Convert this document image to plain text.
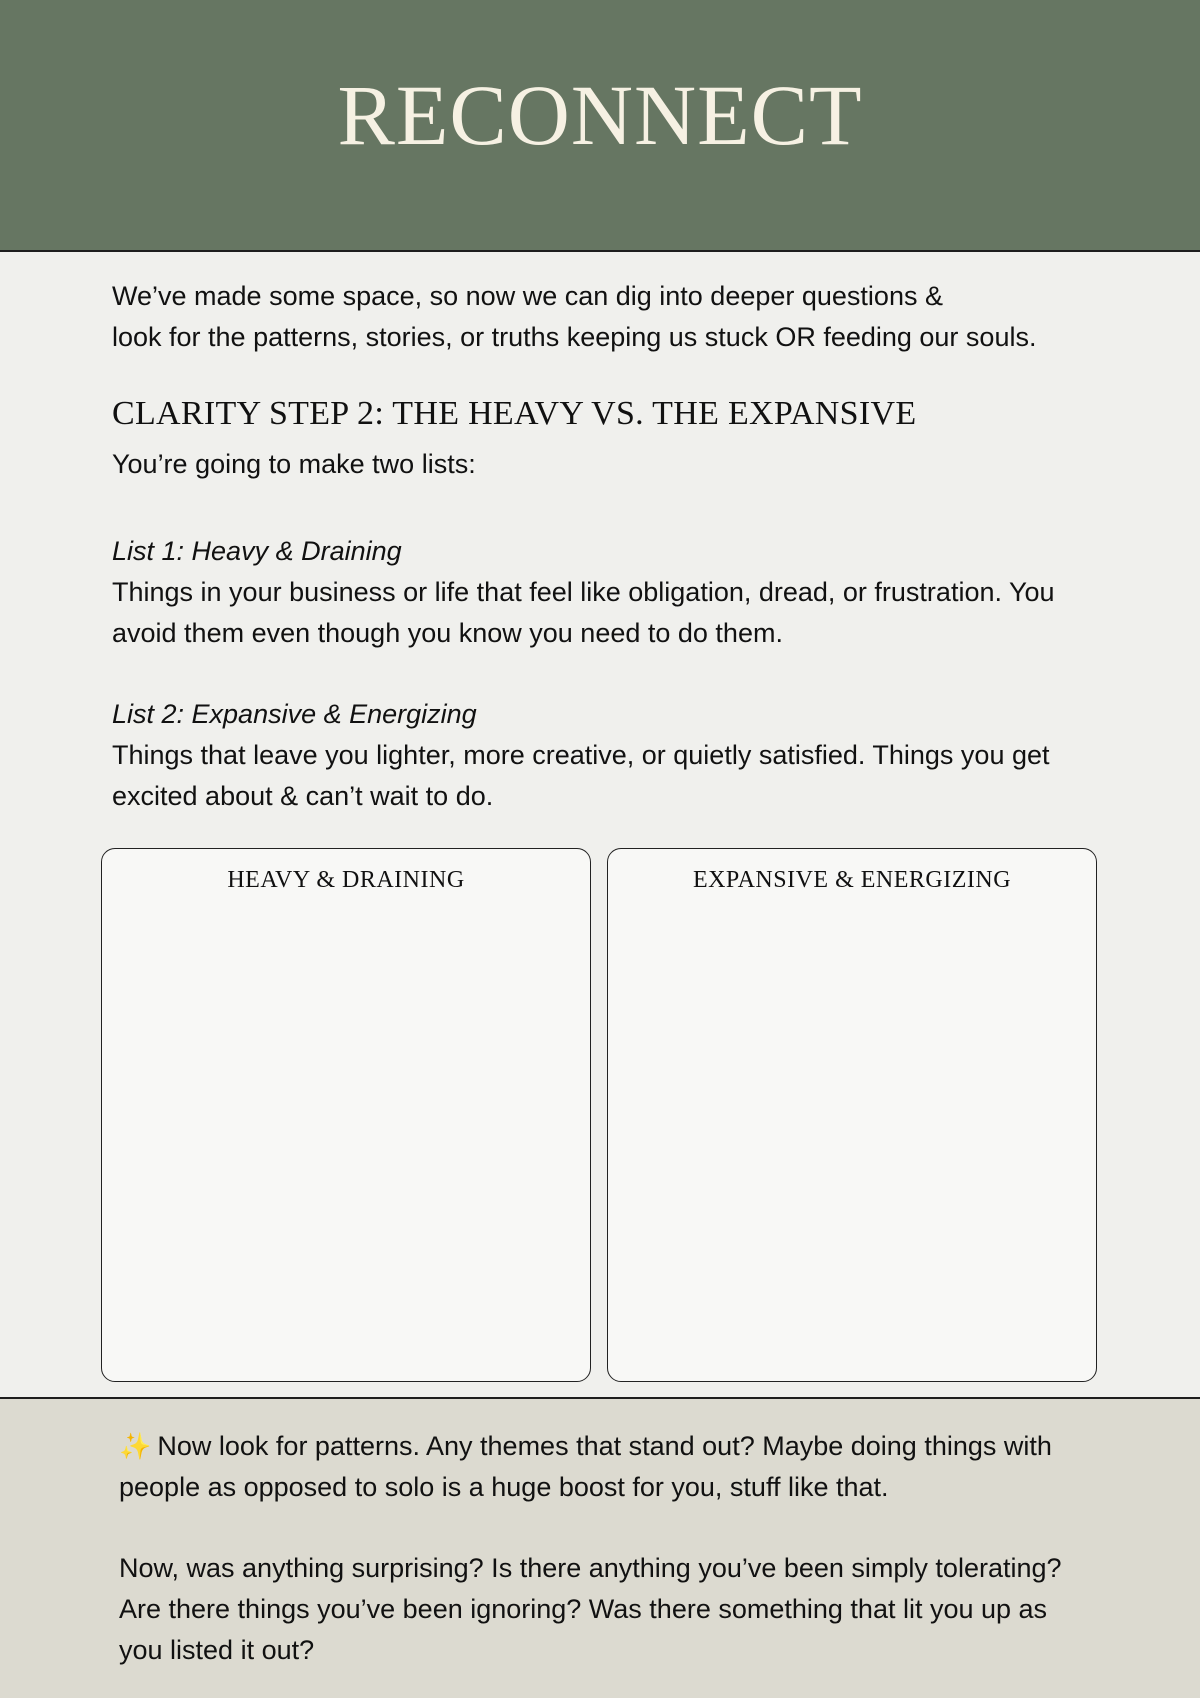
RECONNECT

We’ve made some space, so now we can dig into deeper questions &
look for the patterns, stories, or truths keeping us stuck OR feeding our souls.

CLARITY STEP 2: THE HEAVY VS. THE EXPANSIVE

You’re going to make two lists:

List 1: Heavy & Draining
Things in your business or life that feel like obligation, dread, or frustration. You
avoid them even though you know you need to do them.

List 2: Expansive & Energizing
Things that leave you lighter, more creative, or quietly satisfied. Things you get
excited about & can’t wait to do.

HEAVY & DRAINING	EXPANSIVE & ENERGIZING

✨ Now look for patterns. Any themes that stand out? Maybe doing things with
people as opposed to solo is a huge boost for you, stuff like that.

Now, was anything surprising? Is there anything you’ve been simply tolerating?
Are there things you’ve been ignoring? Was there something that lit you up as
you listed it out?
